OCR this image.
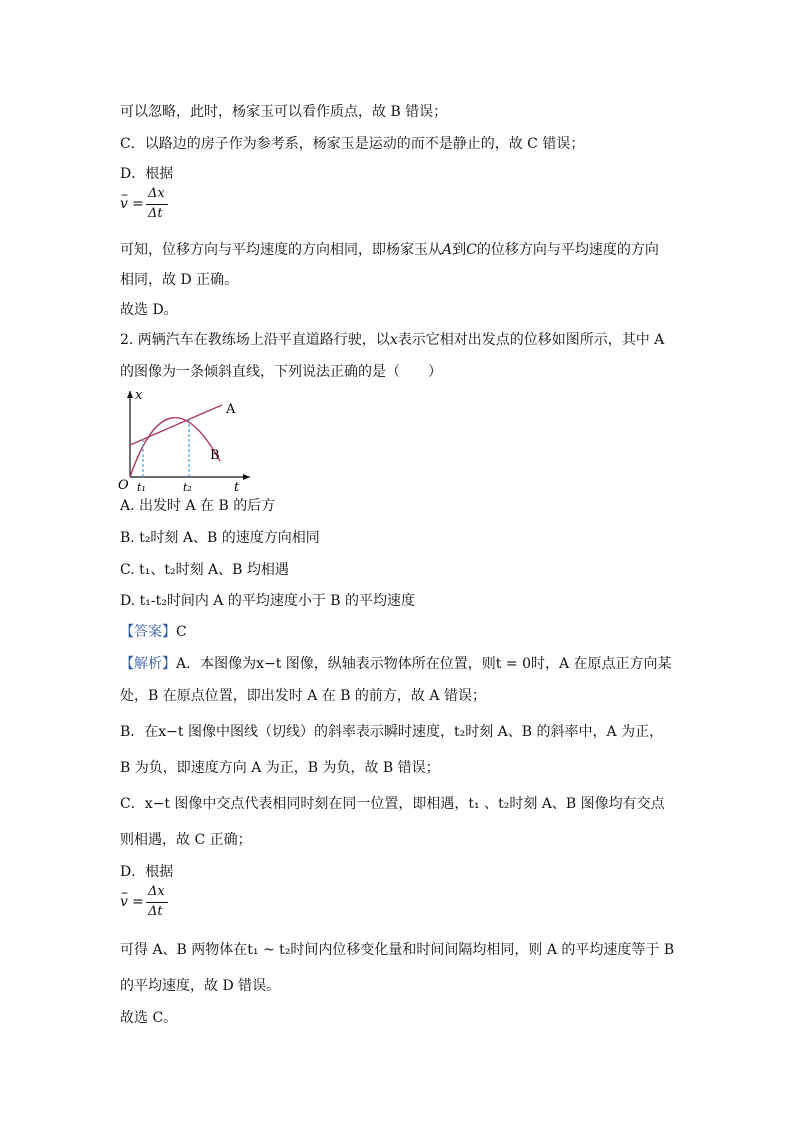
可以忽略，此时，杨家玉可以看作质点，故 B 错误；
C．以路边的房子作为参考系，杨家玉是运动的而不是静止的，故 C 错误；
D．根据
– v =
Δx
Δt
可知，位移方向与平均速度的方向相同，即杨家玉从A到C的位移方向与平均速度的方向
相同，故 D 正确。
故选 D。
2. 两辆汽车在教练场上沿平直道路行驶，以x表示它相对出发点的位移如图所示，其中 A
的图像为一条倾斜直线，下列说法正确的是（　　）
x
t
O t₁	t₂
A
B
A. 出发时 A 在 B 的后方
B. t₂时刻 A、B 的速度方向相同
C. t₁、t₂时刻 A、B 均相遇
D. t₁-t₂时间内 A 的平均速度小于 B 的平均速度
【答案】C
【解析】A．本图像为x−t 图像，纵轴表示物体所在位置，则t = 0时，A 在原点正方向某
处，B 在原点位置，即出发时 A 在 B 的前方，故 A 错误；
B．在x−t 图像中图线（切线）的斜率表示瞬时速度，t₂时刻 A、B 的斜率中，A 为正，
B 为负，即速度方向 A 为正，B 为负，故 B 错误；
C．x−t 图像中交点代表相同时刻在同一位置，即相遇，t₁ 、t₂时刻 A、B 图像均有交点
则相遇，故 C 正确；
D．根据
– v =
Δx
Δt
可得 A、B 两物体在t₁ ~ t₂时间内位移变化量和时间间隔均相同，则 A 的平均速度等于 B
的平均速度，故 D 错误。
故选 C。
